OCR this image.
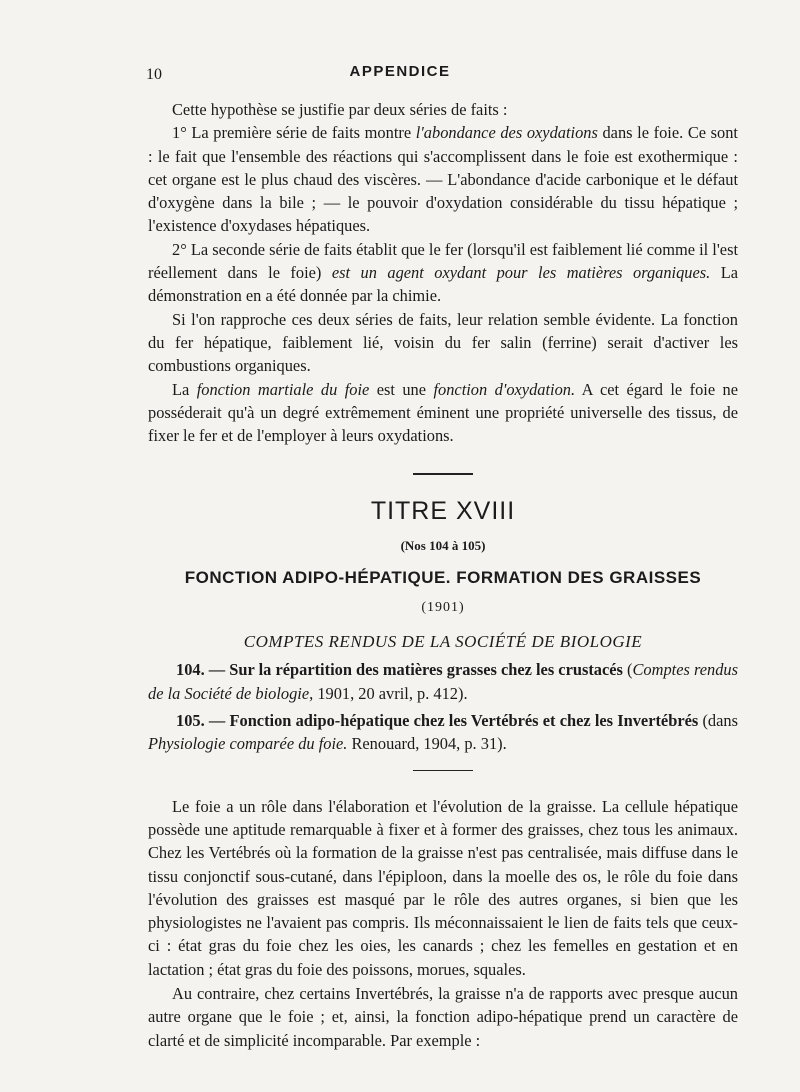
10	APPENDICE

Cette hypothèse se justifie par deux séries de faits :

1° La première série de faits montre l'abondance des oxydations dans le foie. Ce sont : le fait que l'ensemble des réactions qui s'accomplissent dans le foie est exothermique : cet organe est le plus chaud des viscères. — L'abondance d'acide carbonique et le défaut d'oxygène dans la bile ; — le pouvoir d'oxydation considérable du tissu hépatique ; l'existence d'oxydases hépatiques.

2° La seconde série de faits établit que le fer (lorsqu'il est faiblement lié comme il l'est réellement dans le foie) est un agent oxydant pour les matières organiques. La démonstration en a été donnée par la chimie.

Si l'on rapproche ces deux séries de faits, leur relation semble évidente. La fonction du fer hépatique, faiblement lié, voisin du fer salin (ferrine) serait d'activer les combustions organiques.

La fonction martiale du foie est une fonction d'oxydation. A cet égard le foie ne posséderait qu'à un degré extrêmement éminent une propriété universelle des tissus, de fixer le fer et de l'employer à leurs oxydations.

TITRE XVIII
(Nos 104 à 105)
FONCTION ADIPO-HÉPATIQUE. FORMATION DES GRAISSES
(1901)
COMPTES RENDUS DE LA SOCIÉTÉ DE BIOLOGIE

104. — Sur la répartition des matières grasses chez les crustacés (Comptes rendus de la Société de biologie, 1901, 20 avril, p. 412).

105. — Fonction adipo-hépatique chez les Vertébrés et chez les Invertébrés (dans Physiologie comparée du foie. Renouard, 1904, p. 31).

Le foie a un rôle dans l'élaboration et l'évolution de la graisse. La cellule hépatique possède une aptitude remarquable à fixer et à former des graisses, chez tous les animaux. Chez les Vertébrés où la formation de la graisse n'est pas centralisée, mais diffuse dans le tissu conjonctif sous-cutané, dans l'épiploon, dans la moelle des os, le rôle du foie dans l'évolution des graisses est masqué par le rôle des autres organes, si bien que les physiologistes ne l'avaient pas compris. Ils méconnaissaient le lien de faits tels que ceux-ci : état gras du foie chez les oies, les canards ; chez les femelles en gestation et en lactation ; état gras du foie des poissons, morues, squales.

Au contraire, chez certains Invertébrés, la graisse n'a de rapports avec presque aucun autre organe que le foie ; et, ainsi, la fonction adipo-hépatique prend un caractère de clarté et de simplicité incomparable. Par exemple :
